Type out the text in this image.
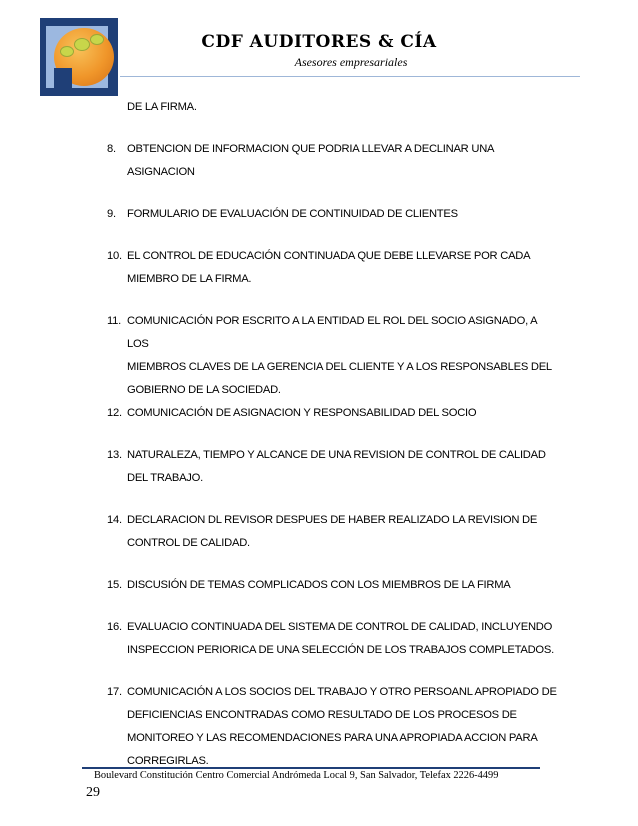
CDF AUDITORES & CÍA
Asesores empresariales

DE LA FIRMA.

8. OBTENCION DE INFORMACION QUE PODRIA LLEVAR A DECLINAR UNA ASIGNACION
9. FORMULARIO DE EVALUACIÓN DE CONTINUIDAD DE CLIENTES
10. EL CONTROL DE EDUCACIÓN CONTINUADA QUE DEBE LLEVARSE POR CADA
MIEMBRO DE LA FIRMA.
11. COMUNICACIÓN POR ESCRITO A LA ENTIDAD EL ROL DEL SOCIO ASIGNADO, A LOS
MIEMBROS CLAVES DE LA GERENCIA DEL CLIENTE Y A LOS RESPONSABLES DEL
GOBIERNO DE LA SOCIEDAD.
12. COMUNICACIÓN DE ASIGNACION Y RESPONSABILIDAD DEL SOCIO
13. NATURALEZA, TIEMPO Y ALCANCE DE UNA REVISION DE CONTROL DE CALIDAD
DEL TRABAJO.
14. DECLARACION DL REVISOR DESPUES DE HABER REALIZADO LA REVISION DE
CONTROL DE CALIDAD.
15. DISCUSIÓN DE TEMAS COMPLICADOS CON LOS MIEMBROS DE LA FIRMA
16. EVALUACIO CONTINUADA DEL SISTEMA DE CONTROL DE CALIDAD, INCLUYENDO
INSPECCION PERIORICA DE UNA SELECCIÓN DE LOS TRABAJOS COMPLETADOS.
17. COMUNICACIÓN A LOS SOCIOS DEL TRABAJO Y OTRO PERSOANL APROPIADO DE
DEFICIENCIAS ENCONTRADAS COMO RESULTADO DE LOS PROCESOS DE
MONITOREO Y LAS RECOMENDACIONES PARA UNA APROPIADA ACCION PARA
CORREGIRLAS.
Boulevard Constitución Centro Comercial Andrómeda Local 9, San Salvador, Telefax 2226-4499
29
